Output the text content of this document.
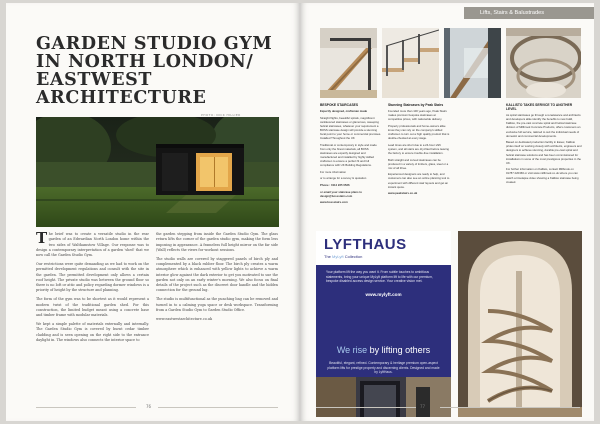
GARDEN STUDIO GYM IN NORTH LONDON/ EASTWEST ARCHITECTURE
PHOTO: NICK HILLIER

The brief was to create a versatile studio in the rear garden of an Edwardian North London home within the two sides of Walthamstow Village. Our response was to design a contemporary interpretation of a garden 'shed' that we now call the Garden Studio Gym.

Our restrictions were quite demanding as we had to work on the permitted development regulations and consult with the site in the garden. The permitted development only allows a certain roof height. The private studio was between the ground floor so there is no loft or attic and policy regarding dormer windows is a priority of height by the structure and planning.

The form of the gym was to be shortest as it would represent a modern twist of the traditional garden shed. For this construction, the limited budget meant using a concrete base and timber frame with modular materials.

We kept a simple palette of materials externally and internally. The Garden Studio Gym is covered by burnt cedar timber cladding and is seen opening on the right side to the entrance daylight in. The windows also connects the interior space to

the garden stepping from inside the Garden Studio Gym. The glass return lifts the corner of the garden studio gym, making the form less imposing in appearance. A frameless full height mirror on the far side (Wall) reflects the views for workout sessions.

The studio walls are covered by staggered panels of birch ply and complemented by a black rubber floor. The birch ply creates a warm atmosphere which is enhanced with yellow lights to achieve a warm interior glow against the dark exterior to get you motivated to use the garden not only on an early winter's morning. We also focus on final details of the project such as the discreet door handle and the hidden connection for the ground lug.

The studio is multifunctional as the punching bag can be removed and turned in to a calming yoga space or desk workspace. Transforming from a Garden Studio Gym to Garden Studio Office.

www.eastwestarchitecture.co.uk

76
Lifts, Stairs & Balustrades
BESPOKE STAIRCASES

Expertly designed, craftsman made

Straight flights, beautiful spirals, magnificent cantilevered staircases or glamorous, sweeping helical staircases, whatever your requirement a BOSS staircase design will provide a stunning focal point to your home or commercial premises. Installed Throughout the UK

Traditional or contemporary in style and made from only the finest materials, all BOSS staircases are expertly designed and manufactured and installed by highly skilled craftsmen to ensure a perfect fit and full compliance with UK Building Regulations.

For more information

or to arrange for a survey & quotation

Phone : 0114 235 0536

or email your staircase plans to design@bossstairs.com

www.bossstairs.com

Stunning Staircases by Peak Stairs

Founded more than 100 years ago, Peak Stairs makes premium bespoke staircases at competitive prices, with nationwide delivery.

Property professionals and home-owners alike know they can rely on the company's skilled craftsmen to turn out a high quality product that is double-checked at every stage.

Lead times are short due to a 24-hour shift system, and all stairs are dry-fitted before leaving the factory to ensure trouble-free installation.

Both straight and curved staircases can be produced in a variety of timbers, glass, steel or a mix of all three.

Experienced designers are ready to help, and customers can also see an online planning tool to experiment with different stair layouts and get an instant quote.

www.peakstairs.co.uk

KALLISTO TAKES SERVICE TO ANOTHER LEVEL

As spiral staircases go through a renaissance and architects and developers alike identify the benefits to new build, Kallisto, the pre-cast concrete spiral and helical staircase division of Millbrook Concrete Products, offers customers an exclusive full service, tailored to suit the individual needs of domestic and commercial developments.

Based on dedicated production facility in Essex, Kallisto prides itself on working closely with architects, engineers and designers to achieve stunning, durable pre-cast spiral and helical staircase solutions and has been commissioned for installations in some of the most prestigious properties in the UK.

For further information on Kallisto, contact Millbrook on 01787 220366 or visit www.millbrook.co.uk where you can watch a timelapse video showing a Kallisto staircase being created.

LYFTHAUS
The MyLyft Collection
Your platform lift the way you want it. From subtle touches to ambitious statements, bring your unique MyLyft platform lift to life with our premium, bespoke disabled access design service. Your creative vision met.
www.mylyft.com
We rise by lifting others
Beautiful, elegant, refined. Contemporary & heritage premium open-aspect platform lifts for prestige property and discerning clients. Designed and made by LyftHaus.
77
